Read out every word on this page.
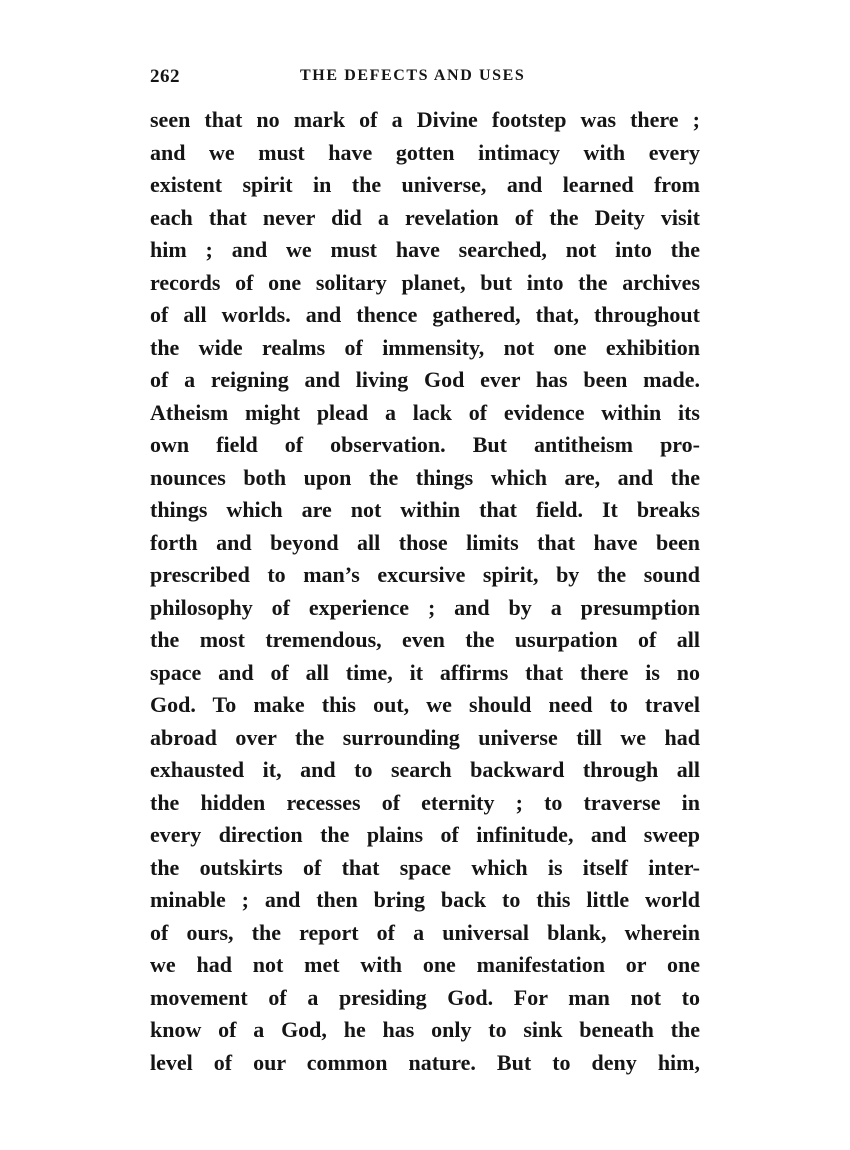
262	THE DEFECTS AND USES
seen that no mark of a Divine footstep was there ;
and we must have gotten intimacy with every
existent spirit in the universe, and learned from
each that never did a revelation of the Deity visit
him ; and we must have searched, not into the
records of one solitary planet, but into the archives
of all worlds. and thence gathered, that, throughout
the wide realms of immensity, not one exhibition
of a reigning and living God ever has been made.
Atheism might plead a lack of evidence within its
own field of observation. But antitheism pro-
nounces both upon the things which are, and the
things which are not within that field. It breaks
forth and beyond all those limits that have been
prescribed to man’s excursive spirit, by the sound
philosophy of experience ; and by a presumption
the most tremendous, even the usurpation of all
space and of all time, it affirms that there is no
God. To make this out, we should need to travel
abroad over the surrounding universe till we had
exhausted it, and to search backward through all
the hidden recesses of eternity ; to traverse in
every direction the plains of infinitude, and sweep
the outskirts of that space which is itself inter-
minable ; and then bring back to this little world
of ours, the report of a universal blank, wherein
we had not met with one manifestation or one
movement of a presiding God. For man not to
know of a God, he has only to sink beneath the
level of our common nature. But to deny him,
